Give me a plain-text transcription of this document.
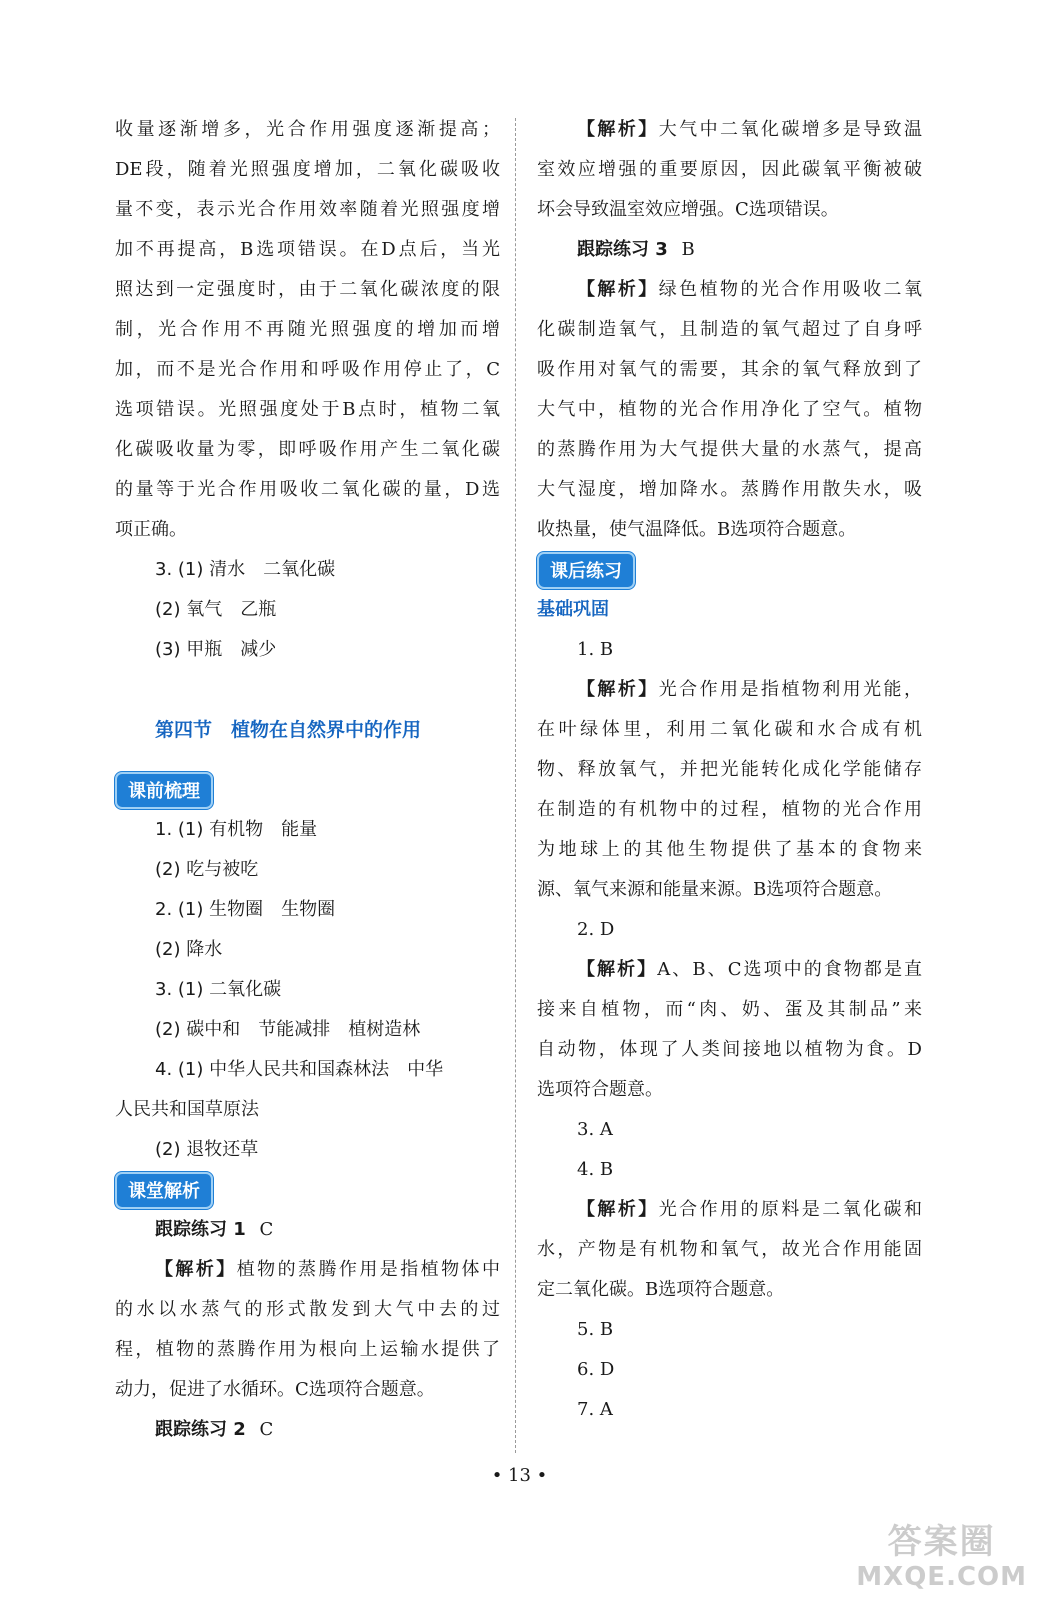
收量逐渐增多，光合作用强度逐渐提高；
DE段，随着光照强度增加，二氧化碳吸收
量不变，表示光合作用效率随着光照强度增
加不再提高，B选项错误。在D点后，当光
照达到一定强度时，由于二氧化碳浓度的限
制，光合作用不再随光照强度的增加而增
加，而不是光合作用和呼吸作用停止了，C
选项错误。光照强度处于B点时，植物二氧
化碳吸收量为零，即呼吸作用产生二氧化碳
的量等于光合作用吸收二氧化碳的量，D选
项正确。
3. (1) 清水　二氧化碳
(2) 氧气　乙瓶
(3) 甲瓶　减少
第四节　植物在自然界中的作用
课前梳理
1. (1) 有机物　能量
(2) 吃与被吃
2. (1) 生物圈　生物圈
(2) 降水
3. (1) 二氧化碳
(2) 碳中和　节能减排　植树造林
4. (1) 中华人民共和国森林法　中华
人民共和国草原法
(2) 退牧还草
课堂解析
跟踪练习 1 C
【解析】植物的蒸腾作用是指植物体中
的水以水蒸气的形式散发到大气中去的过
程，植物的蒸腾作用为根向上运输水提供了
动力，促进了水循环。C选项符合题意。
跟踪练习 2 C
【解析】大气中二氧化碳增多是导致温
室效应增强的重要原因，因此碳氧平衡被破
坏会导致温室效应增强。C选项错误。
跟踪练习 3 B
【解析】绿色植物的光合作用吸收二氧
化碳制造氧气，且制造的氧气超过了自身呼
吸作用对氧气的需要，其余的氧气释放到了
大气中，植物的光合作用净化了空气。植物
的蒸腾作用为大气提供大量的水蒸气，提高
大气湿度，增加降水。蒸腾作用散失水，吸
收热量，使气温降低。B选项符合题意。
课后练习
基础巩固
1. B
【解析】光合作用是指植物利用光能，
在叶绿体里，利用二氧化碳和水合成有机
物、释放氧气，并把光能转化成化学能储存
在制造的有机物中的过程，植物的光合作用
为地球上的其他生物提供了基本的食物来
源、氧气来源和能量来源。B选项符合题意。
2. D
【解析】A、B、C选项中的食物都是直
接来自植物，而“肉、奶、蛋及其制品”来
自动物，体现了人类间接地以植物为食。D
选项符合题意。
3. A
4. B
【解析】光合作用的原料是二氧化碳和
水，产物是有机物和氧气，故光合作用能固
定二氧化碳。B选项符合题意。
5. B
6. D
7. A
• 13 •
答案圈
MXQE.COM
